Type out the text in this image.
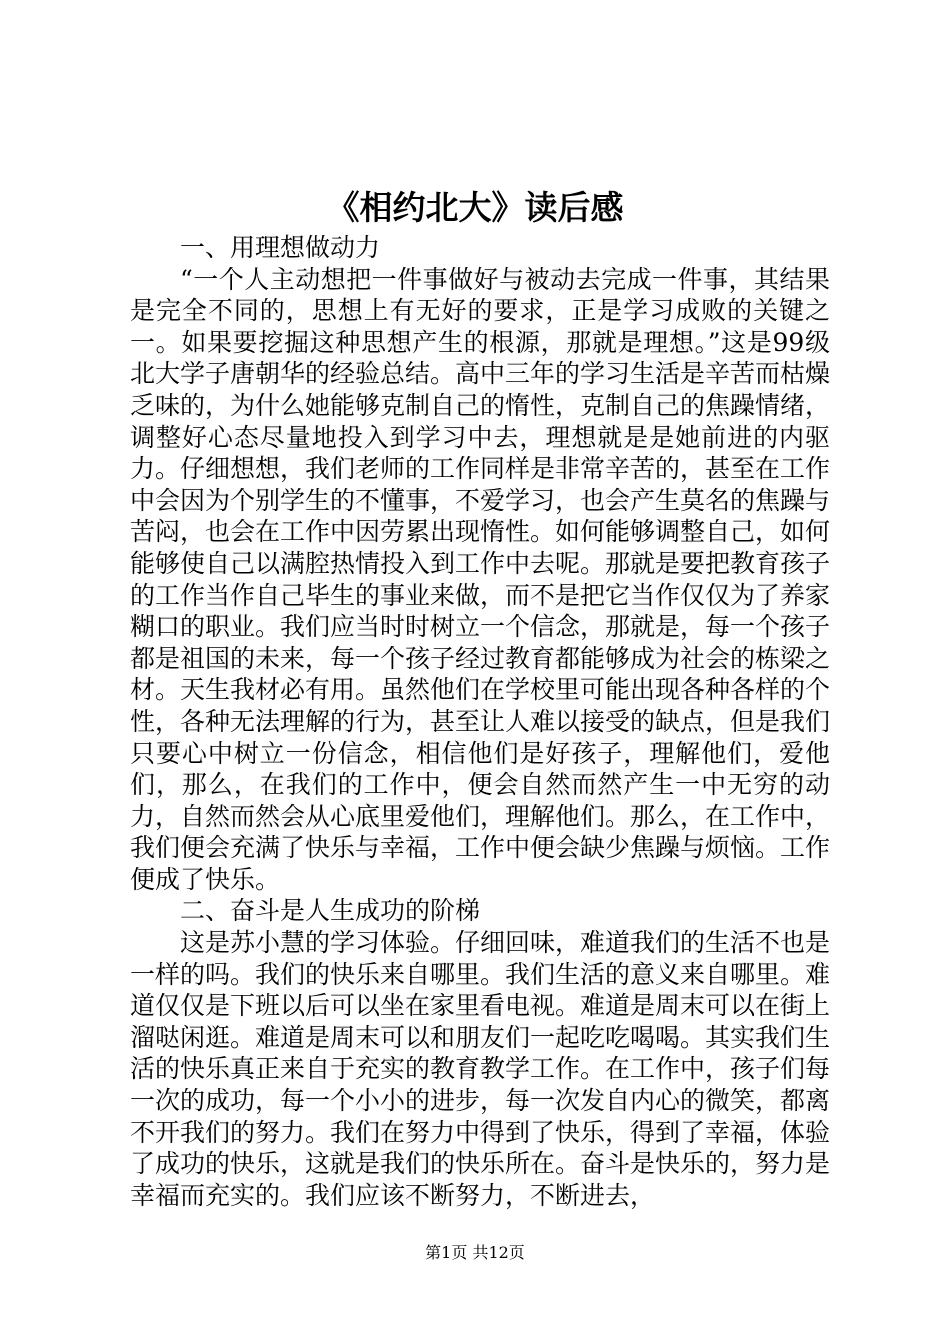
《相约北大》读后感

一、用理想做动力

“一个人主动想把一件事做好与被动去完成一件事，其结果是完全不同的，思想上有无好的要求，正是学习成败的关键之一。如果要挖掘这种思想产生的根源，那就是理想。”这是99级北大学子唐朝华的经验总结。高中三年的学习生活是辛苦而枯燥乏味的，为什么她能够克制自己的惰性，克制自己的焦躁情绪，调整好心态尽量地投入到学习中去，理想就是是她前进的内驱力。仔细想想，我们老师的工作同样是非常辛苦的，甚至在工作中会因为个别学生的不懂事，不爱学习，也会产生莫名的焦躁与苦闷，也会在工作中因劳累出现惰性。如何能够调整自己，如何能够使自己以满腔热情投入到工作中去呢。那就是要把教育孩子的工作当作自己毕生的事业来做，而不是把它当作仅仅为了养家糊口的职业。我们应当时时树立一个信念，那就是，每一个孩子都是祖国的未来，每一个孩子经过教育都能够成为社会的栋梁之材。天生我材必有用。虽然他们在学校里可能出现各种各样的个性，各种无法理解的行为，甚至让人难以接受的缺点，但是我们只要心中树立一份信念，相信他们是好孩子，理解他们，爱他们，那么，在我们的工作中，便会自然而然产生一中无穷的动力，自然而然会从心底里爱他们，理解他们。那么，在工作中，我们便会充满了快乐与幸福，工作中便会缺少焦躁与烦恼。工作便成了快乐。

二、奋斗是人生成功的阶梯

这是苏小慧的学习体验。仔细回味，难道我们的生活不也是一样的吗。我们的快乐来自哪里。我们生活的意义来自哪里。难道仅仅是下班以后可以坐在家里看电视。难道是周末可以在街上溜哒闲逛。难道是周末可以和朋友们一起吃吃喝喝。其实我们生活的快乐真正来自于充实的教育教学工作。在工作中，孩子们每一次的成功，每一个小小的进步，每一次发自内心的微笑，都离不开我们的努力。我们在努力中得到了快乐，得到了幸福，体验了成功的快乐，这就是我们的快乐所在。奋斗是快乐的，努力是幸福而充实的。我们应该不断努力，不断进去，

第1页 共12页
